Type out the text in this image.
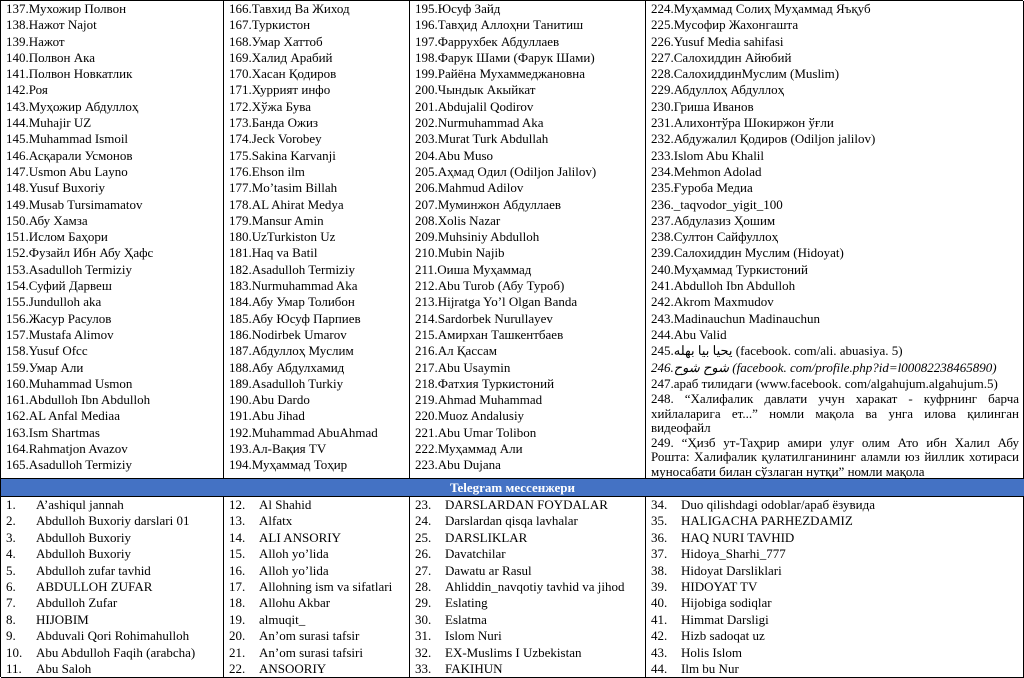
137.Мухожир Полвон
138.Нажот Najot
139.Нажот
140.Полвон Ака
141.Полвон Новкатлик
142.Роя
143.Муҳожир Абдуллоҳ
144.Muhajir UZ
145.Muhammad Ismoil
146.Асқарали Усмонов
147.Usmon Abu Layno
148.Yusuf Buxoriy
149.Musab Tursimamatov
150.Абу Хамза
151.Ислом Баҳори
152.Фузайл Ибн Абу Ҳафс
153.Asadulloh Termiziy
154.Суфий Дарвеш
155.Jundulloh aka
156.Жасур Расулов
157.Mustafa Alimov
158.Yusuf Ofcc
159.Умар Али
160.Muhammad Usmon
161.Abdulloh Ibn Abdulloh
162.AL Anfal Mediaa
163.Ism Shartmas
164.Rahmatjon Avazov
165.Asadulloh Termiziy
166.Тавхид Ва Жиход
167.Туркистон
168.Умар Хаттоб
169.Халид Арабий
170.Хасан Қодиров
171.Хуррият инфо
172.Хўжа Бува
173.Банда Ожиз
174.Jeck Vorobey
175.Sakina Karvanji
176.Ehson ilm
177.Mo’tasim Billah
178.AL Ahirat Medya
179.Mansur Amin
180.UzTurkiston Uz
181.Haq va Batil
182.Asadulloh Termiziy
183.Nurmuhammad Aka
184.Абу Умар Толибон
185.Абу Юсуф Парпиев
186.Nodirbek Umarov
187.Абдуллоҳ Муслим
188.Абу Абдулхамид
189.Asadulloh Turkiy
190.Abu Dardo
191.Abu Jihad
192.Muhammad AbuAhmad
193.Ал-Вақия TV
194.Муҳаммад Тоҳир
195.Юсуф Зайд
196.Тавҳид Аллоҳни Танитиш
197.Фаррухбек Абдуллаев
198.Фарук Шами (Фарук Шами)
199.Райёна Мухаммеджановна
200.Чындык Акыйкат
201.Abdujalil Qodirov
202.Nurmuhammad Aka
203.Murat Turk Abdullah
204.Abu Muso
205.Аҳмад Одил (Odiljon Jalilov)
206.Mahmud Adilov
207.Муминжон Абдуллаев
208.Xolis Nazar
209.Muhsiniy Abdulloh
210.Mubin Najib
211.Оиша Муҳаммад
212.Abu Turob (Абу Туроб)
213.Hijratga Yo’l Olgan Banda
214.Sardorbek Nurullayev
215.Амирхан Ташкентбаев
216.Ал Қассам
217.Abu Usaymin
218.Фатхия Туркистоний
219.Ahmad Muhammad
220.Muoz Andalusiy
221.Abu Umar Tolibon
222.Муҳаммад Али
223.Abu Dujana
224.Муҳаммад Солиҳ Муҳаммад Яъқуб
225.Мусофир Жахонгашта
226.Yusuf Media sahifasi
227.Салохиддин Айюбий
228.СалохиддинМуслим (Muslim)
229.Абдуллоҳ Абдуллоҳ
230.Гриша Иванов
231.Алихонтўра Шокиржон ўғли
232.Абдужалил Қодиров (Odiljon jalilov)
233.Islom Abu Khalil
234.Mehmon Adolad
235.Ғуроба Медиа
236._taqvodor_yigit_100
237.Абдулазиз Ҳошим
238.Султон Сайфуллоҳ
239.Салохиддин Муслим (Hidoyat)
240.Муҳаммад Туркистоний
241.Abdulloh Ibn Abdulloh
242.Akrom Maxmudov
243.Madinauchun Madinauchun
244.Abu Valid
245.يحيا بيا بهله (facebook. com/ali. abuasiya. 5)
246.شوح شوح (facebook. com/profile.php?id=l00082238465890)
247.араб тилидаги (www.facebook. com/algahujum.algahujum.5)
248. “Халифалик давлати учун харакат - куфрнинг барча хийлаларига ет...” номли мақола ва унга илова қилинган видеофайл
249. “Ҳизб ут-Таҳрир амири улуғ олим Ато ибн Халил Абу Рошта: Халифалик қулатилганининг аламли юз йиллик хотираси муносабати билан сўзлаган нутқи” номли мақола
Telegram мессенжери
1. A’ashiqul jannah
2. Abdulloh Buxoriy darslari 01
3. Abdulloh Buxoriy
4. Abdulloh Buxoriy
5. Abdulloh zufar tavhid
6. ABDULLOH ZUFAR
7. Abdulloh Zufar
8. HIJOBIM
9. Abduvali Qori Rohimahulloh
10. Abu Abdulloh Faqih (arabcha)
11. Abu Saloh
12. Al Shahid
13. Alfatx
14. ALI ANSORIY
15. Alloh yo’lida
16. Alloh yo’lida
17. Allohning ism va sifatlari
18. Allohu Akbar
19. almuqit_
20. An’om surasi tafsir
21. An’om surasi tafsiri
22. ANSOORIY
23. DARSLARDAN FOYDALAR
24. Darslardan qisqa lavhalar
25. DARSLIKLAR
26. Davatchilar
27. Dawatu ar Rasul
28. Ahliddin_navqotiy tavhid va jihod
29. Eslating
30. Eslatma
31. Islom Nuri
32. EX-Muslims I Uzbekistan
33. FAKIHUN
34. Duo qilishdagi odoblar/араб ёзувида
35. HALIGACHA PARHEZDAMIZ
36. HAQ NURI TAVHID
37. Hidoya_Sharhi_777
38. Hidoyat Darsliklari
39. HIDOYAT TV
40. Hijobiga sodiqlar
41. Himmat Darsligi
42. Hizb sadoqat uz
43. Holis Islom
44. Ilm bu Nur
